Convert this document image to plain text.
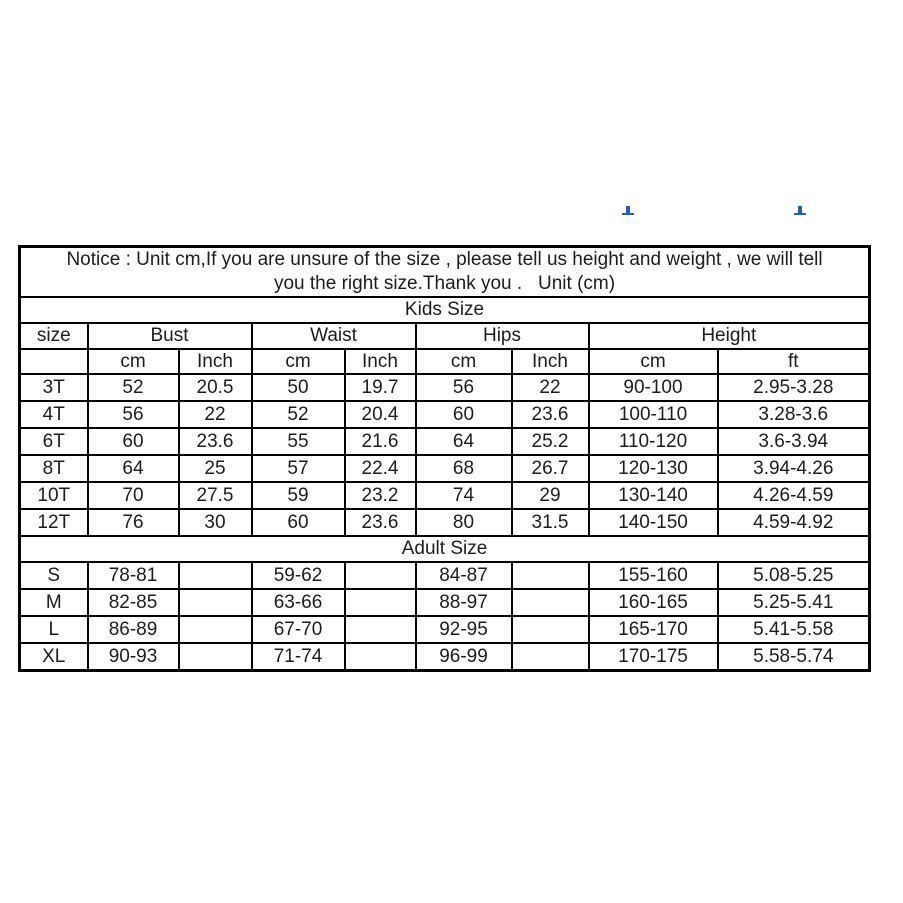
Notice : Unit cm,If you are unsure of the size , please tell us height and weight , we will tell
you the right size.Thank you .   Unit (cm)								

Kids Size								
size	Bust		Waist		Hips		Height	
	cm	Inch	cm	Inch	cm	Inch	cm	ft
3T	52	20.5	50	19.7	56	22	90-100	2.95-3.28
4T	56	22	52	20.4	60	23.6	100-110	3.28-3.6
6T	60	23.6	55	21.6	64	25.2	110-120	3.6-3.94
8T	64	25	57	22.4	68	26.7	120-130	3.94-4.26
10T	70	27.5	59	23.2	74	29	130-140	4.26-4.59
12T	76	30	60	23.6	80	31.5	140-150	4.59-4.92
Adult Size								
S	78-81		59-62		84-87		155-160	5.08-5.25
M	82-85		63-66		88-97		160-165	5.25-5.41
L	86-89		67-70		92-95		165-170	5.41-5.58
XL	90-93		71-74		96-99		170-175	5.58-5.74
